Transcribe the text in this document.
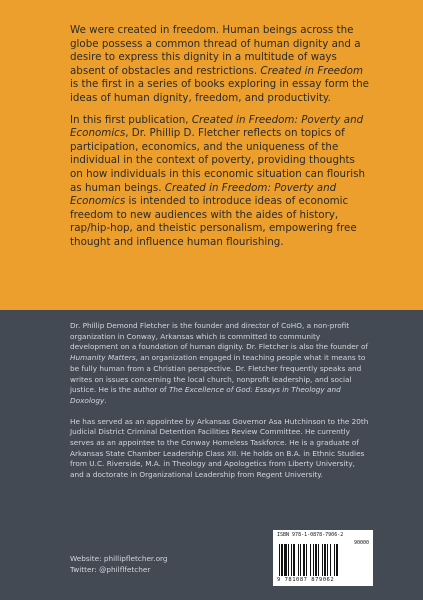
We were created in freedom. Human beings across the globe possess a common thread of human dignity and a desire to express this dignity in a multitude of ways absent of obstacles and restrictions. Created in Freedom is the first in a series of books exploring in essay form the ideas of human dignity, freedom, and productivity.

In this first publication, Created in Freedom: Poverty and Economics, Dr. Phillip D. Fletcher reflects on topics of participation, economics, and the uniqueness of the individual in the context of poverty, providing thoughts on how individuals in this economic situation can flourish as human beings. Created in Freedom: Poverty and Economics is intended to introduce ideas of economic freedom to new audiences with the aides of history, rap/hip-hop, and theistic personalism, empowering free thought and influence human flourishing.

Dr. Phillip Demond Fletcher is the founder and director of CoHO, a non-profit organization in Conway, Arkansas which is committed to community development on a foundation of human dignity. Dr. Fletcher is also the founder of Humanity Matters, an organization engaged in teaching people what it means to be fully human from a Christian perspective. Dr. Fletcher frequently speaks and writes on issues concerning the local church, nonprofit leadership, and social justice. He is the author of The Excellence of God: Essays in Theology and Doxology.

He has served as an appointee by Arkansas Governor Asa Hutchinson to the 20th Judicial District Criminal Detention Facilities Review Committee. He currently serves as an appointee to the Conway Homeless Taskforce. He is a graduate of Arkansas State Chamber Leadership Class XII. He holds on B.A. in Ethnic Studies from U.C. Riverside, M.A. in Theology and Apologetics from Liberty University, and a doctorate in Organizational Leadership from Regent University.

Website: phillipfletcher.org
Twitter: @philflfetcher
ISBN 978-1-0878-7906-2
90000
9 781087 879062
